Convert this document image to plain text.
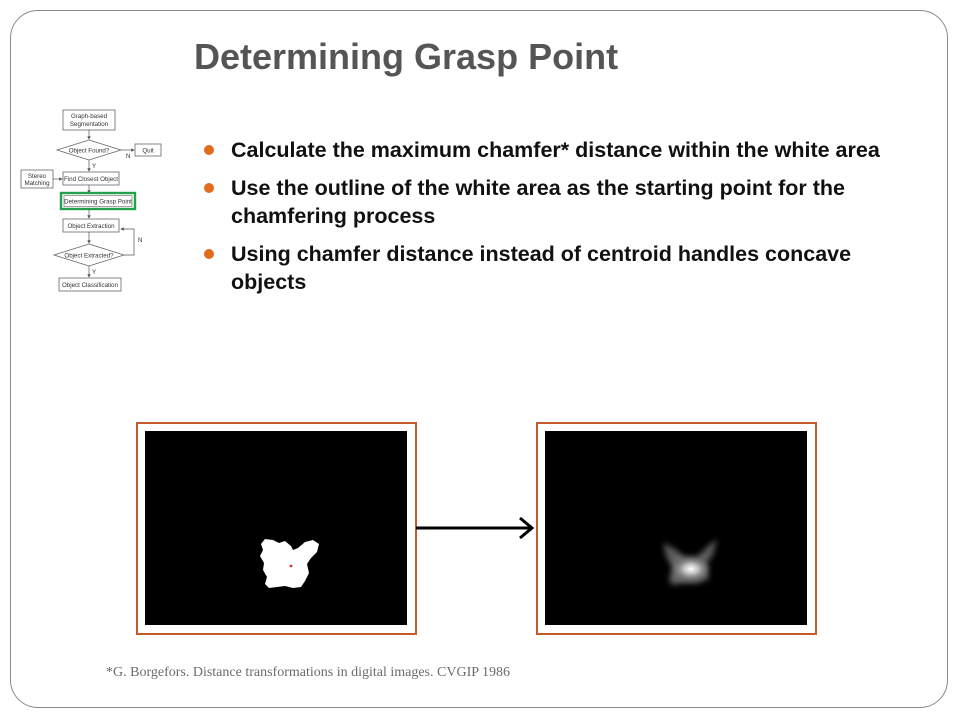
Determining Grasp Point
Graph-based
Segmentation
Object Found?
N
Quit
Y
Stereo
Matching
Find Closest Object
Determining Grasp Point
Object Extraction
Object Extracted?
N
Y
Object Classification
Calculate the maximum chamfer* distance within the white area
Use the outline of the white area as the starting point for the chamfering process
Using chamfer distance instead of centroid handles concave objects
*G. Borgefors. Distance transformations in digital images. CVGIP 1986
